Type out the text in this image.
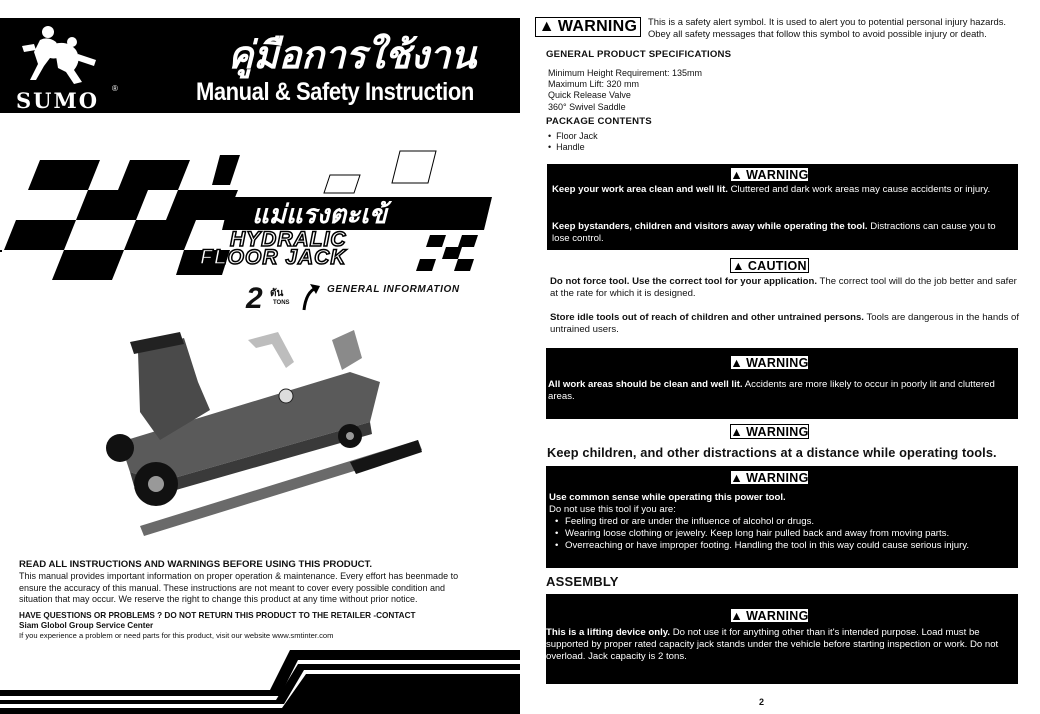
SUMO ®
คู่มือการใช้งาน
Manual & Safety Instruction
แม่แรงตะเข้
HYDRALIC
FLOOR JACK
2 ตัน
TONS
GENERAL INFORMATION
READ ALL INSTRUCTIONS AND WARNINGS BEFORE USING THIS PRODUCT.
This manual provides important information on proper operation & maintenance. Every effort has beenmade to
ensure the accuracy of this manual. These instructions are not meant to cover every possible condition and
situation that may occur. We reserve the right to change this product at any time without prior notice.
HAVE QUESTIONS OR PROBLEMS ? DO NOT RETURN THIS PRODUCT TO THE RETAILER -CONTACT
Siam Globol Group Service Center
If you experience a problem or need parts for this product, visit our website www.smtinter.com
▲ WARNING This is a safety alert symbol. It is used to alert you to potential personal injury hazards.
Obey all safety messages that follow this symbol to avoid possible injury or death.
GENERAL PRODUCT SPECIFICATIONS
Minimum Height Requirement: 135mm
Maximum Lift: 320 mm
Quick Release Valve
360° Swivel Saddle
PACKAGE CONTENTS
• Floor Jack
• Handle
▲ WARNING
Keep your work area clean and well lit. Cluttered and dark work areas may cause accidents or injury.
Keep bystanders, children and visitors away while operating the tool. Distractions can cause you to lose control.
▲ CAUTION
Do not force tool. Use the correct tool for your application. The correct tool will do the job better and safer at the rate for which it is designed.
Store idle tools out of reach of children and other untrained persons. Tools are dangerous in the hands of untrained users.
▲ WARNING
All work areas should be clean and well lit. Accidents are more likely to occur in poorly lit and cluttered areas.
▲ WARNING
Keep children, and other distractions at a distance while operating tools.
▲ WARNING
Use common sense while operating this power tool.
Do not use this tool if you are:
• Feeling tired or are under the influence of alcohol or drugs.
• Wearing loose clothing or jewelry. Keep long hair pulled back and away from moving parts.
• Overreaching or have improper footing. Handling the tool in this way could cause serious injury.
ASSEMBLY
▲ WARNING
This is a lifting device only. Do not use it for anything other than it's intended purpose. Load must be supported by proper rated capacity jack stands under the vehicle before starting inspection or work. Do not overload. Jack capacity is 2 tons.
2
